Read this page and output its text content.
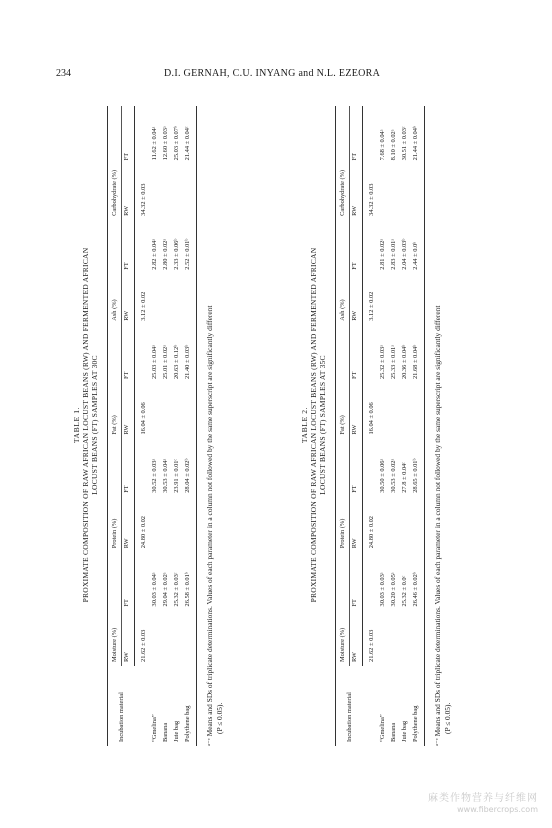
234	D.I. GERNAH, C.U. INYANG and N.L. EZEORA
TABLE 1. PROXIMATE COMPOSITION OF RAW AFRICAN LOCUST BEANS (RW) AND FERMENTED AFRICAN
LOCUST BEANS (FT) SAMPLES AT 30C
Incubation material	Moisture (%)		Protein (%)		Fat (%)		Ash (%)		Carbohydrate (%)	
	RW	FT	RW	FT	RW	FT	RW	FT	RW	FT
	21.62 ± 0.03		24.80 ± 0.02		16.04 ± 0.06		3.12 ± 0.02		34.32 ± 0.03	
“Gmelina”		30.03 ± 0.04ᵃ		30.52 ± 0.03ᵃ		25.03 ± 0.04ᵃ		2.82 ± 0.04ᵃ		11.62 ± 0.04ᵃ
Banana		29.04 ± 0.02ᵃ		30.53 ± 0.04ᵃ		25.01 ± 0.02ᵃ		2.80 ± 0.02ᵃ		12.60 ± 0.03ᵃ
Jute bag		25.32 ± 0.03ᶜ		23.91 ± 0.01ᶜ		20.63 ± 0.12ᵇ		2.33 ± 0.06ᵇ		25.03 ± 0.07ᵇ
Polythene bag		26.58 ± 0.01ᵇ		28.04 ± 0.02ᵇ		21.40 ± 0.03ᵇ		2.52 ± 0.01ᵇ		21.44 ± 0.04ᶜ
ᵃ⁻ᶜ Means and SDs of triplicate determinations. Values of each parameter in a column not followed by the same superscript are significantly different (P ≤ 0.05).
TABLE 2. PROXIMATE COMPOSITION OF RAW AFRICAN LOCUST BEANS (RW) AND FERMENTED AFRICAN
LOCUST BEANS (FT) SAMPLES AT 35C
Incubation material	Moisture (%)		Protein (%)		Fat (%)		Ash (%)		Carbohydrate (%)	
	RW	FT	RW	FT	RW	FT	RW	FT	RW	FT
	21.62 ± 0.03		24.80 ± 0.02		16.04 ± 0.06		3.12 ± 0.02		34.32 ± 0.03	
“Gmelina”		30.03 ± 0.03ᵃ		30.50 ± 0.06ᵃ		25.32 ± 0.03ᵃ		2.81 ± 0.02ᵃ		7.68 ± 0.04ᵃ
Banana		30.20 ± 0.05ᵃ		30.53 ± 0.02ᵃ		25.33 ± 0.01ᵃ		2.83 ± 0.01ᵃ		8.10 ± 0.02ᵃ
Jute bag		25.32 ± 0.0ᶜ		27.8 ± 0.04ᶜ		20.36 ± 0.04ᵇ		2.04 ± 0.03ᵇ		30.51 ± 0.03ᶜ
Polythene bag		26.46 ± 0.02ᵇ		28.65 ± 0.01ᵇ		21.68 ± 0.04ᵇ		2.44 ± 0.0ᵇ		21.44 ± 0.04ᵇ
ᵃ⁻ᶜ Means and SDs of triplicate determinations. Values of each parameter in a column not followed by the same superscript are significantly different (P ≤ 0.05).
麻类作物营养与纤维网
www.fibercrops.com
